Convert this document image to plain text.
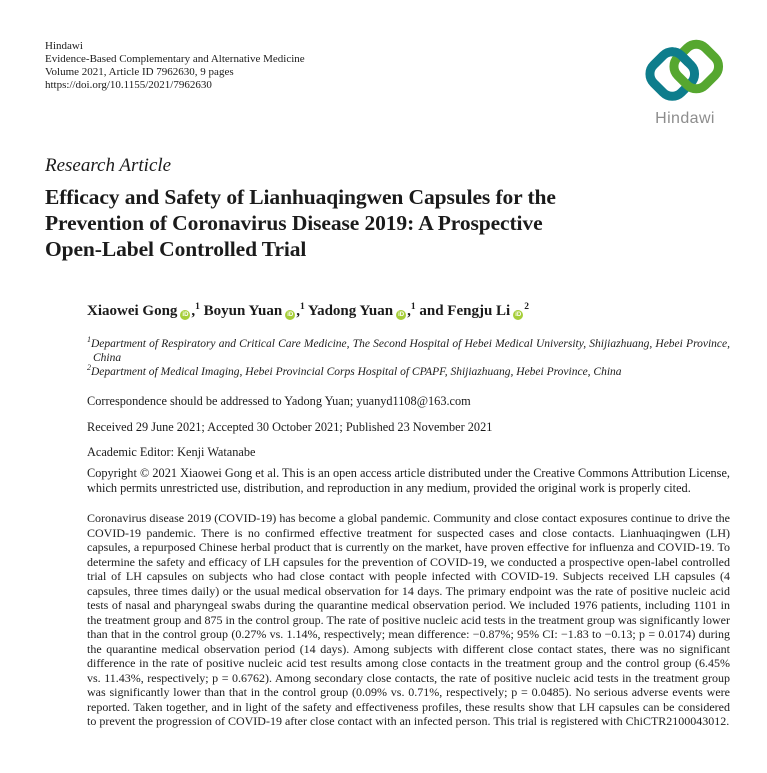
Hindawi
Evidence-Based Complementary and Alternative Medicine
Volume 2021, Article ID 7962630, 9 pages
https://doi.org/10.1155/2021/7962630
Hindawi
Research Article
Efficacy and Safety of Lianhuaqingwen Capsules for the
Prevention of Coronavirus Disease 2019: A Prospective
Open-Label Controlled Trial
Xiaowei Gong iD ,$^1$ Boyun Yuan iD ,$^1$ Yadong Yuan iD ,$^1$ and Fengju Li $iD^2$
$^1$Department of Respiratory and Critical Care Medicine, The Second Hospital of Hebei Medical University, Shijiazhuang, Hebei Province, China
$^2$Department of Medical Imaging, Hebei Provincial Corps Hospital of CPAPF, Shijiazhuang, Hebei Province, China
Correspondence should be addressed to Yadong Yuan; yuanyd1108@163.com
Received 29 June 2021; Accepted 30 October 2021; Published 23 November 2021
Academic Editor: Kenji Watanabe
Copyright © 2021 Xiaowei Gong et al. This is an open access article distributed under the Creative Commons Attribution License, which permits unrestricted use, distribution, and reproduction in any medium, provided the original work is properly cited.
Coronavirus disease 2019 (COVID-19) has become a global pandemic. Community and close contact exposures continue to drive the COVID-19 pandemic. There is no confirmed effective treatment for suspected cases and close contacts. Lianhuaqingwen (LH) capsules, a repurposed Chinese herbal product that is currently on the market, have proven effective for influenza and COVID-19. To determine the safety and efficacy of LH capsules for the prevention of COVID-19, we conducted a prospective open-label controlled trial of LH capsules on subjects who had close contact with people infected with COVID-19. Subjects received LH capsules (4 capsules, three times daily) or the usual medical observation for 14 days. The primary endpoint was the rate of positive nucleic acid tests of nasal and pharyngeal swabs during the quarantine medical observation period. We included 1976 patients, including 1101 in the treatment group and 875 in the control group. The rate of positive nucleic acid tests in the treatment group was significantly lower than that in the control group (0.27% vs. 1.14%, respectively; mean difference: −0.87%; 95% CI: −1.83 to −0.13; p = 0.0174) during the quarantine medical observation period (14 days). Among subjects with different close contact states, there was no significant difference in the rate of positive nucleic acid test results among close contacts in the treatment group and the control group (6.45% vs. 11.43%, respectively; p = 0.6762). Among secondary close contacts, the rate of positive nucleic acid tests in the treatment group was significantly lower than that in the control group (0.09% vs. 0.71%, respectively; p = 0.0485). No serious adverse events were reported. Taken together, and in light of the safety and effectiveness profiles, these results show that LH capsules can be considered to prevent the progression of COVID-19 after close contact with an infected person. This trial is registered with ChiCTR2100043012.
